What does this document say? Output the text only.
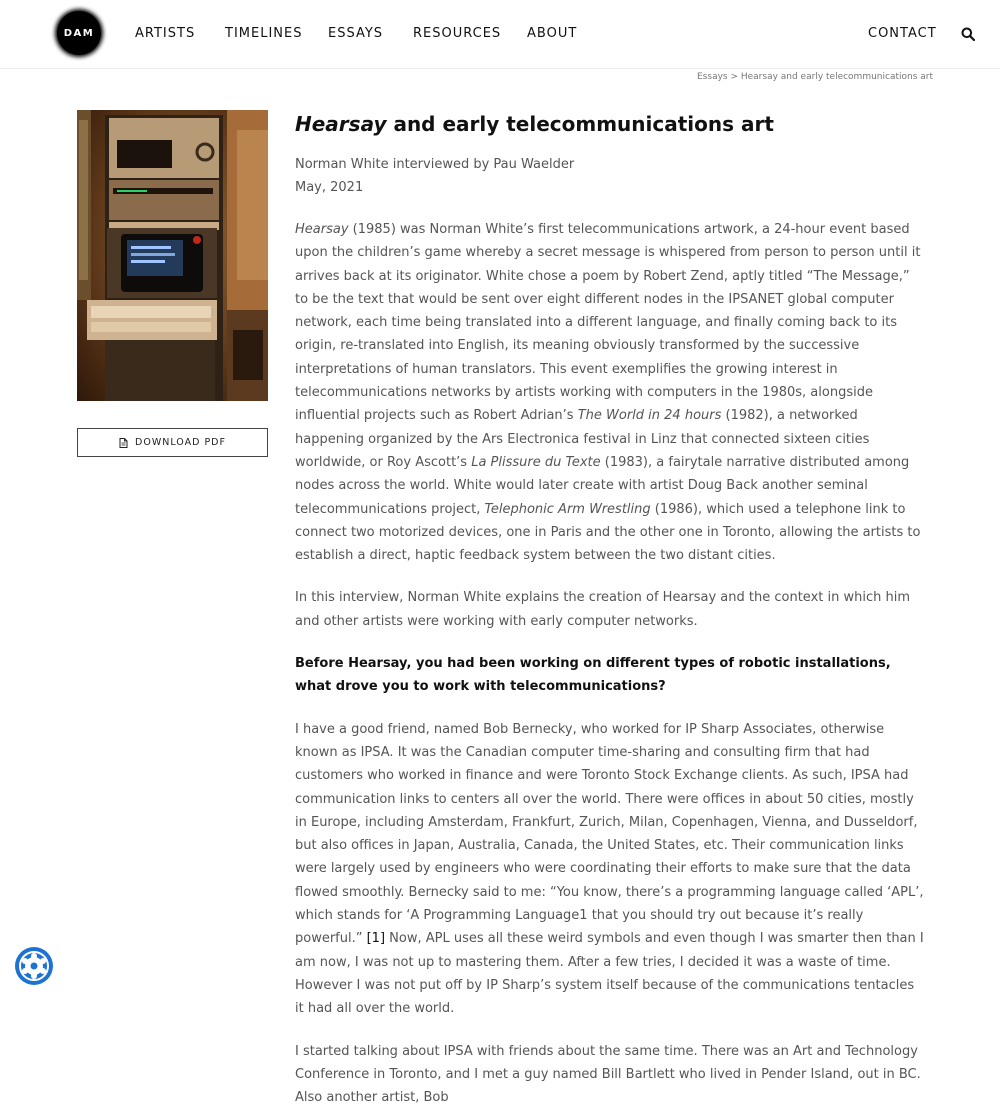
DAM	ARTISTS TIMELINES ESSAYS RESOURCES ABOUT	CONTACT
Essays > Hearsay and early telecommunications art
DOWNLOAD PDF
Hearsay and early telecommunications art
Norman White interviewed by Pau Waelder
May, 2021

Hearsay (1985) was Norman White’s first telecommunications artwork, a 24-hour event based upon the children’s game whereby a secret message is whispered from person to person until it arrives back at its originator. White chose a poem by Robert Zend, aptly titled “The Message,” to be the text that would be sent over eight different nodes in the IPSANET global computer network, each time being translated into a different language, and finally coming back to its origin, re-translated into English, its meaning obviously transformed by the successive interpretations of human translators. This event exemplifies the growing interest in telecommunications networks by artists working with computers in the 1980s, alongside influential projects such as Robert Adrian’s The World in 24 hours (1982), a networked happening organized by the Ars Electronica festival in Linz that connected sixteen cities worldwide, or Roy Ascott’s La Plissure du Texte (1983), a fairytale narrative distributed among nodes across the world. White would later create with artist Doug Back another seminal telecommunications project, Telephonic Arm Wrestling (1986), which used a telephone link to connect two motorized devices, one in Paris and the other one in Toronto, allowing the artists to establish a direct, haptic feedback system between the two distant cities.

In this interview, Norman White explains the creation of Hearsay and the context in which him and other artists were working with early computer networks.

Before Hearsay, you had been working on different types of robotic installations, what drove you to work with telecommunications?

I have a good friend, named Bob Bernecky, who worked for IP Sharp Associates, otherwise known as IPSA. It was the Canadian computer time-sharing and consulting firm that had customers who worked in finance and were Toronto Stock Exchange clients. As such, IPSA had communication links to centers all over the world. There were offices in about 50 cities, mostly in Europe, including Amsterdam, Frankfurt, Zurich, Milan, Copenhagen, Vienna, and Dusseldorf, but also offices in Japan, Australia, Canada, the United States, etc. Their communication links were largely used by engineers who were coordinating their efforts to make sure that the data flowed smoothly. Bernecky said to me: “You know, there’s a programming language called ‘APL’, which stands for ‘A Programming Language1 that you should try out because it’s really powerful.” [1] Now, APL uses all these weird symbols and even though I was smarter then than I am now, I was not up to mastering them. After a few tries, I decided it was a waste of time. However I was not put off by IP Sharp’s system itself because of the communications tentacles it had all over the world.

I started talking about IPSA with friends about the same time. There was an Art and Technology Conference in Toronto, and I met a guy named Bill Bartlett who lived in Pender Island, out in BC. Also another artist, Bob
